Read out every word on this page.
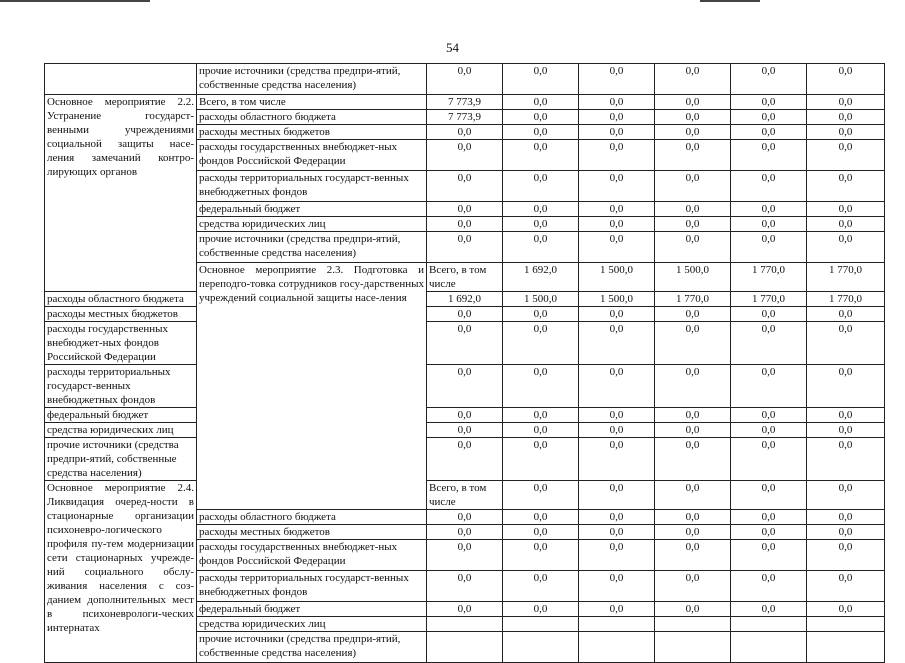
54
	прочие источники (средства предпри-ятий, собственные средства населения)	0,0	0,0	0,0	0,0	0,0	0,0	
Основное мероприятие 2.2. Устранение государст-венными учреждениями социальной защиты насе-ления замечаний контро-лирующих органов	Всего, в том числе	7 773,9	0,0	0,0	0,0	0,0	0,0	
	расходы областного бюджета	7 773,9	0,0	0,0	0,0	0,0	0,0	
	расходы местных бюджетов	0,0	0,0	0,0	0,0	0,0	0,0	
	расходы государственных внебюджет-ных фондов Российской Федерации	0,0	0,0	0,0	0,0	0,0	0,0	
	расходы территориальных государст-венных внебюджетных фондов	0,0	0,0	0,0	0,0	0,0	0,0	
	федеральный бюджет	0,0	0,0	0,0	0,0	0,0	0,0	
	средства юридических лиц	0,0	0,0	0,0	0,0	0,0	0,0	
	прочие источники (средства предпри-ятий, собственные средства населения)	0,0	0,0	0,0	0,0	0,0	0,0	
	Основное мероприятие 2.3. Подготовка и переподго-товка сотрудников госу-дарственных учреждений социальной защиты насе-ления	Всего, в том числе	1 692,0	1 500,0	1 500,0	1 770,0	1 770,0	
расходы областного бюджета		1 692,0	1 500,0	1 500,0	1 770,0	1 770,0	1 770,0	
расходы местных бюджетов		0,0	0,0	0,0	0,0	0,0	0,0	
расходы государственных внебюджет-ных фондов Российской Федерации		0,0	0,0	0,0	0,0	0,0	0,0	
расходы территориальных государст-венных внебюджетных фондов		0,0	0,0	0,0	0,0	0,0	0,0	
федеральный бюджет		0,0	0,0	0,0	0,0	0,0	0,0	
средства юридических лиц		0,0	0,0	0,0	0,0	0,0	0,0	
прочие источники (средства предпри-ятий, собственные средства населения)		0,0	0,0	0,0	0,0	0,0	0,0	
Основное мероприятие 2.4. Ликвидация очеред-ности в стационарные организации психоневро-логического профиля пу-тем модернизации сети стационарных учрежде-ний социального обслу-живания населения с соз-данием дополнительных мест в психоневрологи-ческих интернатах		Всего, в том числе	0,0	0,0	0,0	0,0	0,0	
	расходы областного бюджета	0,0	0,0	0,0	0,0	0,0	0,0	
	расходы местных бюджетов	0,0	0,0	0,0	0,0	0,0	0,0	
	расходы государственных внебюджет-ных фондов Российской Федерации	0,0	0,0	0,0	0,0	0,0	0,0	
	расходы территориальных государст-венных внебюджетных фондов	0,0	0,0	0,0	0,0	0,0	0,0	
	федеральный бюджет	0,0	0,0	0,0	0,0	0,0	0,0	
	средства юридических лиц							
	прочие источники (средства предпри-ятий, собственные средства населения)							
